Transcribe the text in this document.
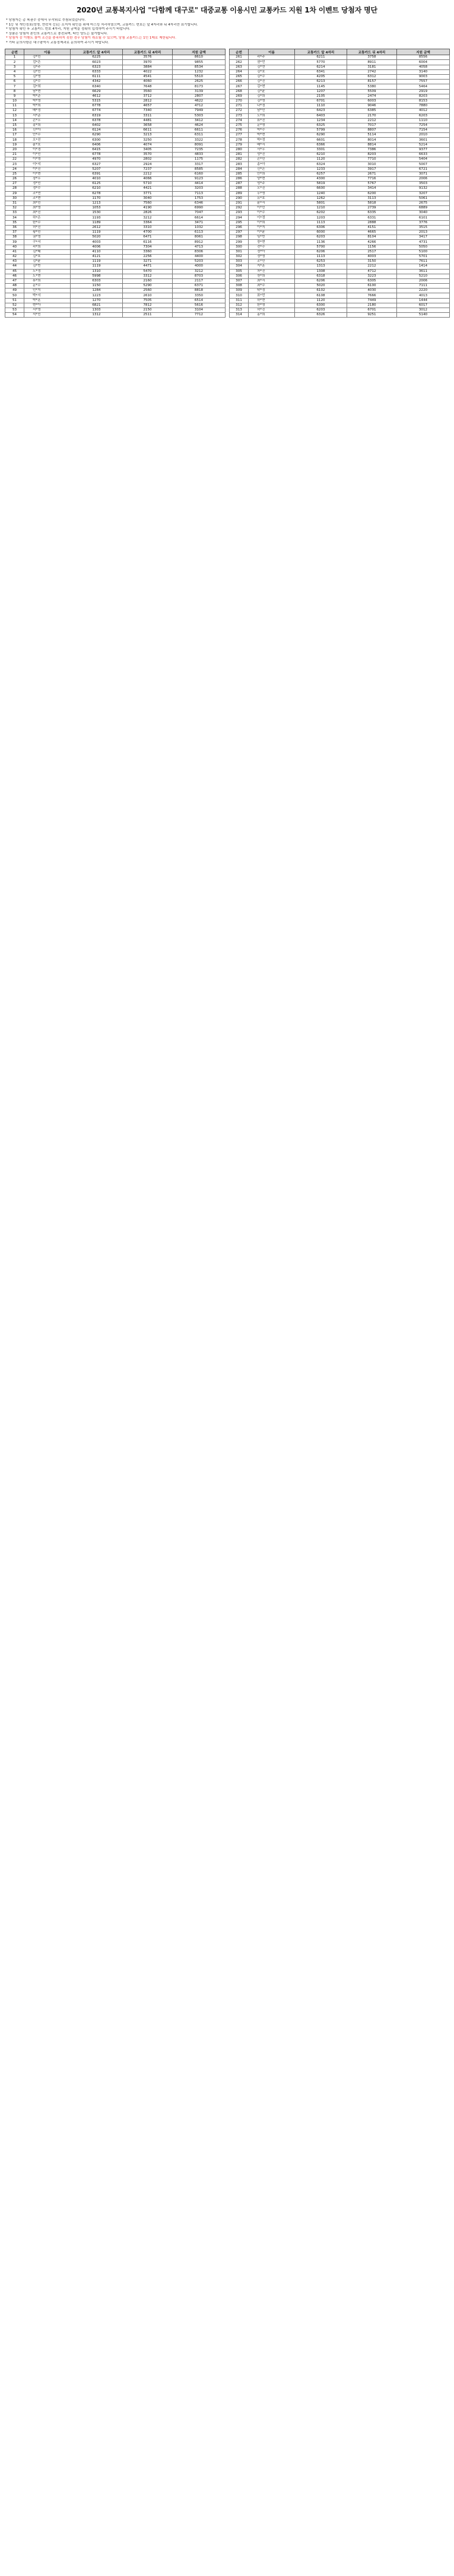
2020년 교통복지사업 "다함께 대구로" 대중교통 이용시민 교통카드 지원 1차 이벤트 당첨자 명단
* 당첨자는 총 복권수 중에서 무작위로 추첨되었습니다.
* 1등 및 개인정보(성명, 연락처 등)는 소지자 확인을 위해 마스킹 처리하였으며, 교통카드 번호는 앞 4자리와 뒤 4자리만 표기합니다.
* 당첨자 확인 후 교통카드 번호 4자리, 지원 금액을 정확히 입력하여 주시기 바랍니다.
* 상품은 당첨자 본인의 교통카드로 충전되며, 타인 양도는 불가합니다.
* 당첨자 중 이벤트 참여 조건을 충족하지 못한 경우 당첨이 취소될 수 있으며, 당첨 교통카드는 1인 1매로 제한됩니다.
* 기타 문의사항은 대구광역시 교통정책과로 문의하여 주시기 바랍니다.
순번	이름	교통카드 앞 4자리	교통카드 뒤 4자리	지원 금액
1	강*민	6225	3576	8610
2	김*은	6023	3970	9855
3	김*주	6323	3884	8534
4	김*민	6333	4022	1232
5	김*영	6111	4541	5510
6	김*수	4342	4060	2625
7	김*희	6340	7648	8173
8	남*현	6629	3560	3139
9	박*준	4612	3712	2807
10	박*영	5315	2812	4622
11	박*희	6778	4657	4712
12	배*정	6774	7340	7949
13	서*준	6319	3311	5303
14	손*우	6378	4481	3412
15	송*희	6402	3658	4624
16	신*아	6124	6611	6611
17	안*수	6290	3213	6311
18	오*진	6300	3250	3322
19	윤*호	6406	4074	8091
20	이*경	6415	3405	7235
21	이*민	6778	3570	4833
22	이*영	4970	2802	1175
23	이*지	6327	2924	3317
24	이*진	5207	7237	8585
25	이*현	6391	2212	6160
26	장*우	4010	4066	9123
27	정*민	6125	5710	4414
28	정*수	6210	4421	3203
29	조*연	6278	3771	7113
30	조*현	1170	3040	1753
31	최*민	1213	7560	6346
32	최*영	1053	4190	6990
33	최*진	1530	2826	7047
34	하*은	1193	3212	6614
35	한*수	1189	3364	3471
36	허*진	2612	3310	1032
37	황*민	1119	4700	6113
38	권*영	5020	6471	8061
39	구*서	4003	6116	8912
40	곽*희	4006	7304	4713
41	김*태	4110	3360	8306
42	김*호	4121	2256	4400
43	김*윤	1119	3271	5203
44	김*빈	1119	4471	4000
45	노*정	1310	5470	3212
46	도*현	5998	3312	8703
47	류*희	6303	2160	2117
48	문*수	1150	5290	6371
49	민*지	1284	2560	8818
50	박*서	1223	2610	3350
51	박*훈	1270	7505	6514
52	변*아	6821	7812	5616
53	서*영	1303	2150	3104
54	석*민	1312	2511	7712
순번	이름	교통카드 앞 4자리	교통카드 뒤 4자리	지원 금액
261	곽*주	6211	3758	8556
262	권*민	5770	8911	6004
263	김*연	6214	3181	4058
264	김*호	6341	2742	3140
265	김*수	4205	6312	9003
266	김*진	6213	8157	7557
267	김*현	1145	5380	5464
268	김*윤	1207	5509	2919
269	김*희	2105	2474	8203
270	김*영	6701	6003	8153
271	나*정	1110	9046	7880
272	남*민	6423	6385	4012
273	노*희	6403	2170	6203
274	류*진	1234	2212	1110
275	문*영	6325	7017	7254
276	박*수	5799	8807	7154
277	박*현	6290	5114	2010
278	박*정	6601	8014	3601
279	배*서	6366	8814	5214
280	서*우	3301	7386	9377
281	성*진	6210	8203	6633
282	손*민	1120	7710	5404
283	송*아	6324	3010	5007
284	신*은	1233	3917	6721
285	안*희	6257	2671	3071
286	양*현	4300	7716	2006
287	엄*주	5819	5767	3503
288	오*진	6600	3414	9132
289	우*영	1240	6200	3207
290	유*호	1262	3113	5061
291	윤*서	5801	5818	2675
292	이*민	1210	2739	6889
293	이*수	6202	6335	3040
294	이*정	1203	6331	6101
295	이*희	1113	2888	3776
296	이*지	6306	4151	3515
297	이*윤	6000	4665	2013
298	임*빈	6203	8104	3417
299	장*현	1136	4266	4731
300	전*수	5700	1156	5050
301	정*아	6206	2517	5100
302	정*영	1113	4003	5701
303	조*민	6253	3150	7611
304	지*훈	1313	2212	1414
305	차*진	1308	4712	3611
306	천*희	6318	3223	5210
307	최*서	6206	6305	2006
308	최*수	5020	6100	7111
309	탁*정	6102	4030	2220
310	표*민	6108	7666	4013
311	하*현	1120	7449	1444
312	한*영	6300	2180	6017
313	허*진	6203	6701	3012
314	홍*희	6326	9251	5140
